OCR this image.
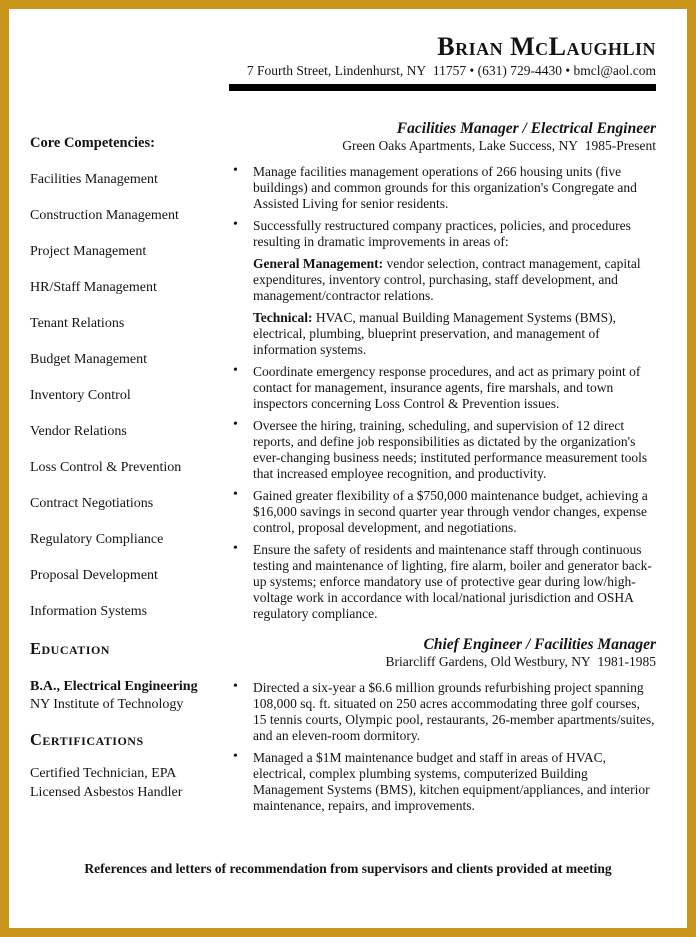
Brian McLaughlin
7 Fourth Street, Lindenhurst, NY  11757 • (631) 729-4430 • bmcl@aol.com
Core Competencies:
Facilities Management
Construction Management
Project Management
HR/Staff Management
Tenant Relations
Budget Management
Inventory Control
Vendor Relations
Loss Control & Prevention
Contract Negotiations
Regulatory Compliance
Proposal Development
Information Systems
Education
B.A., Electrical Engineering
NY Institute of Technology
Certifications
Certified Technician, EPA
Licensed Asbestos Handler
Facilities Manager / Electrical Engineer
Green Oaks Apartments, Lake Success, NY  1985-Present
• Manage facilities management operations of 266 housing units (five buildings) and common grounds for this organization's Congregate and Assisted Living for senior residents.
• Successfully restructured company practices, policies, and procedures resulting in dramatic improvements in areas of:
General Management: vendor selection, contract management, capital expenditures, inventory control, purchasing, staff development, and management/contractor relations.
Technical: HVAC, manual Building Management Systems (BMS), electrical, plumbing, blueprint preservation, and management of information systems.
• Coordinate emergency response procedures, and act as primary point of contact for management, insurance agents, fire marshals, and town inspectors concerning Loss Control & Prevention issues.
• Oversee the hiring, training, scheduling, and supervision of 12 direct reports, and define job responsibilities as dictated by the organization's ever-changing business needs; instituted performance measurement tools that increased employee recognition, and productivity.
• Gained greater flexibility of a $750,000 maintenance budget, achieving a $16,000 savings in second quarter year through vendor changes, expense control, proposal development, and negotiations.
• Ensure the safety of residents and maintenance staff through continuous testing and maintenance of lighting, fire alarm, boiler and generator back-up systems; enforce mandatory use of protective gear during low/high-voltage work in accordance with local/national jurisdiction and OSHA regulatory compliance.
Chief Engineer / Facilities Manager
Briarcliff Gardens, Old Westbury, NY  1981-1985
• Directed a six-year a $6.6 million grounds refurbishing project spanning 108,000 sq. ft. situated on 250 acres accommodating three golf courses, 15 tennis courts, Olympic pool, restaurants, 26-member apartments/suites, and an eleven-room dormitory.
• Managed a $1M maintenance budget and staff in areas of HVAC, electrical, complex plumbing systems, computerized Building Management Systems (BMS), kitchen equipment/appliances, and interior maintenance, repairs, and improvements.
References and letters of recommendation from supervisors and clients provided at meeting
